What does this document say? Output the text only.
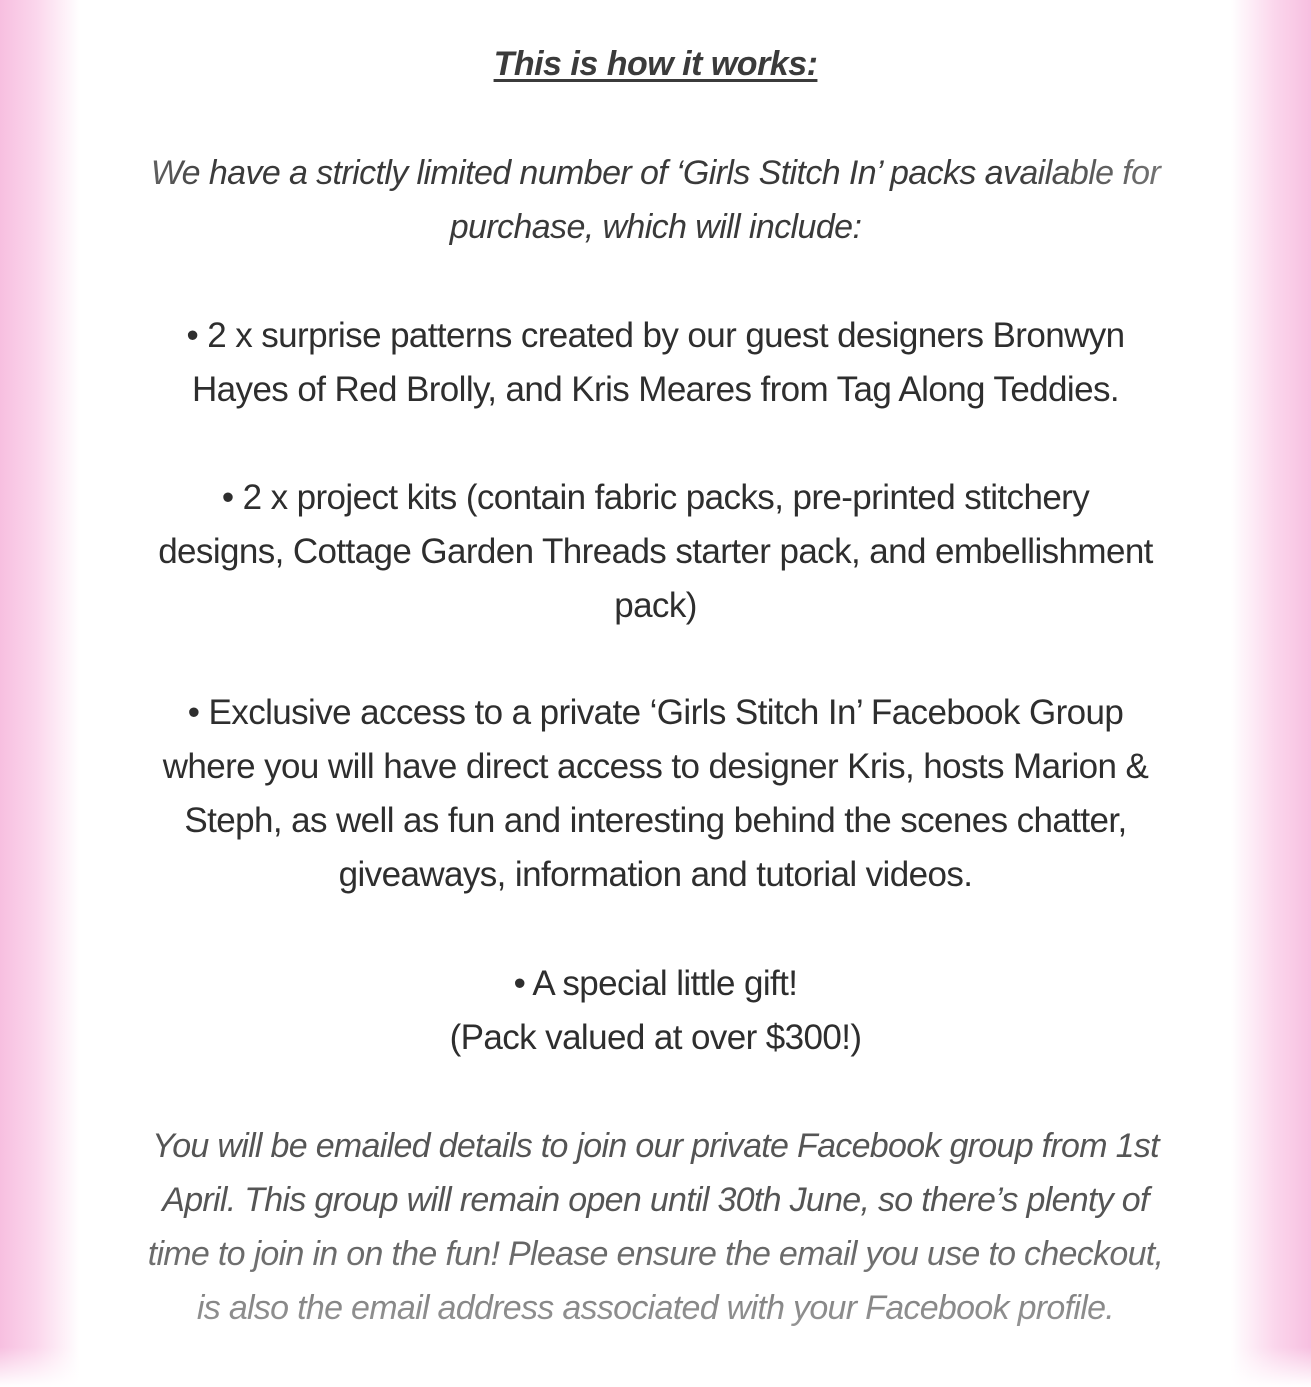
This is how it works:
We have a strictly limited number of ‘Girls Stitch In’ packs available for
purchase, which will include:
• 2 x surprise patterns created by our guest designers Bronwyn
Hayes of Red Brolly, and Kris Meares from Tag Along Teddies.
• 2 x project kits (contain fabric packs, pre-printed stitchery
designs, Cottage Garden Threads starter pack, and embellishment
pack)
• Exclusive access to a private ‘Girls Stitch In’ Facebook Group
where you will have direct access to designer Kris, hosts Marion &
Steph, as well as fun and interesting behind the scenes chatter,
giveaways, information and tutorial videos.
• A special little gift!
(Pack valued at over $300!)
You will be emailed details to join our private Facebook group from 1st
April. This group will remain open until 30th June, so there’s plenty of
time to join in on the fun! Please ensure the email you use to checkout,
is also the email address associated with your Facebook profile.
